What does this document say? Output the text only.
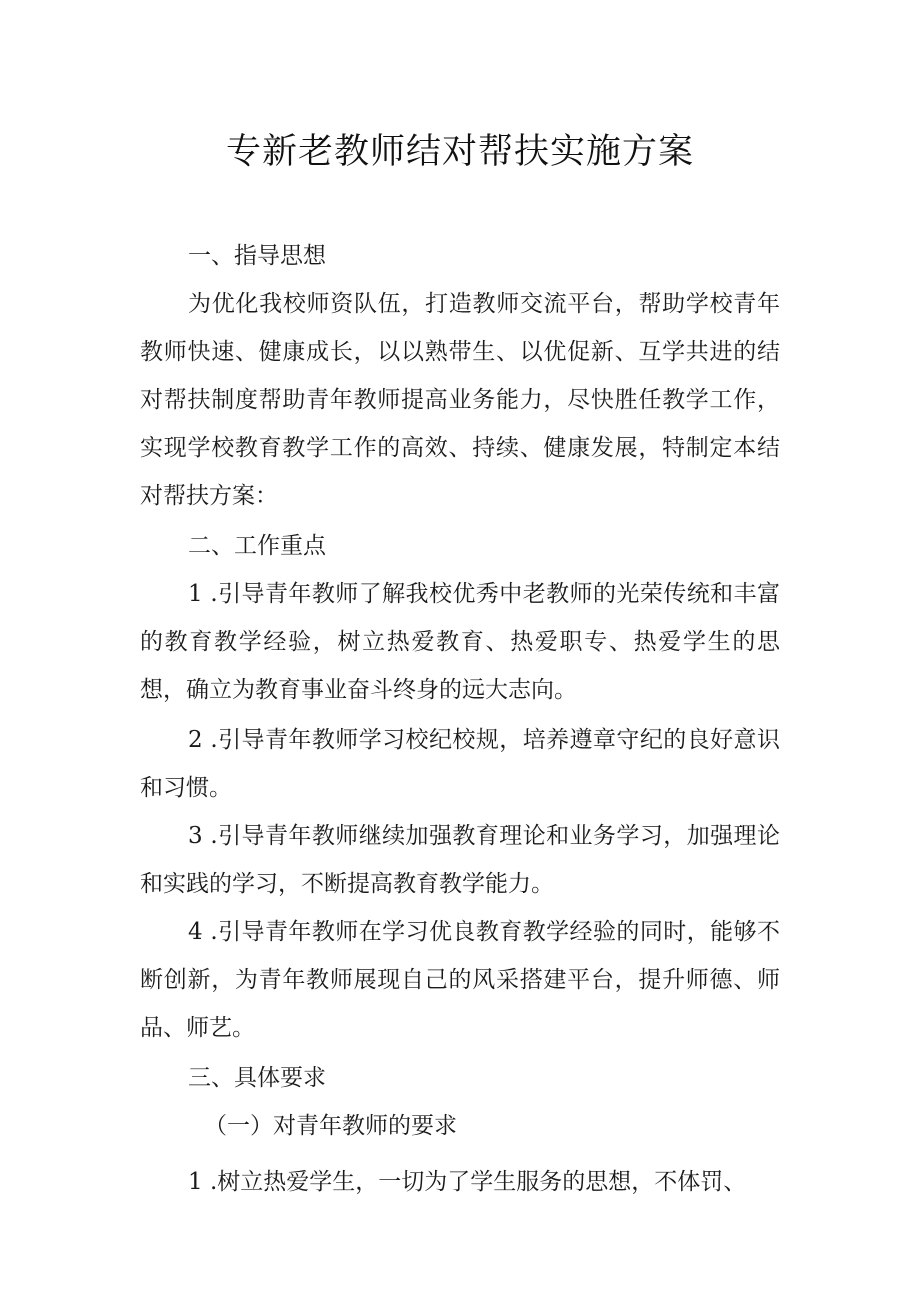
专新老教师结对帮扶实施方案

一、指导思想

为优化我校师资队伍，打造教师交流平台，帮助学校青年教师快速、健康成长，以以熟带生、以优促新、互学共进的结对帮扶制度帮助青年教师提高业务能力，尽快胜任教学工作，实现学校教育教学工作的高效、持续、健康发展，特制定本结对帮扶方案：

二、工作重点

1 .引导青年教师了解我校优秀中老教师的光荣传统和丰富的教育教学经验，树立热爱教育、热爱职专、热爱学生的思想，确立为教育事业奋斗终身的远大志向。

2 .引导青年教师学习校纪校规，培养遵章守纪的良好意识和习惯。

3 .引导青年教师继续加强教育理论和业务学习，加强理论和实践的学习，不断提高教育教学能力。

4 .引导青年教师在学习优良教育教学经验的同时，能够不断创新，为青年教师展现自己的风采搭建平台，提升师德、师品、师艺。

三、具体要求

（一）对青年教师的要求

1 .树立热爱学生，一切为了学生服务的思想，不体罚、
